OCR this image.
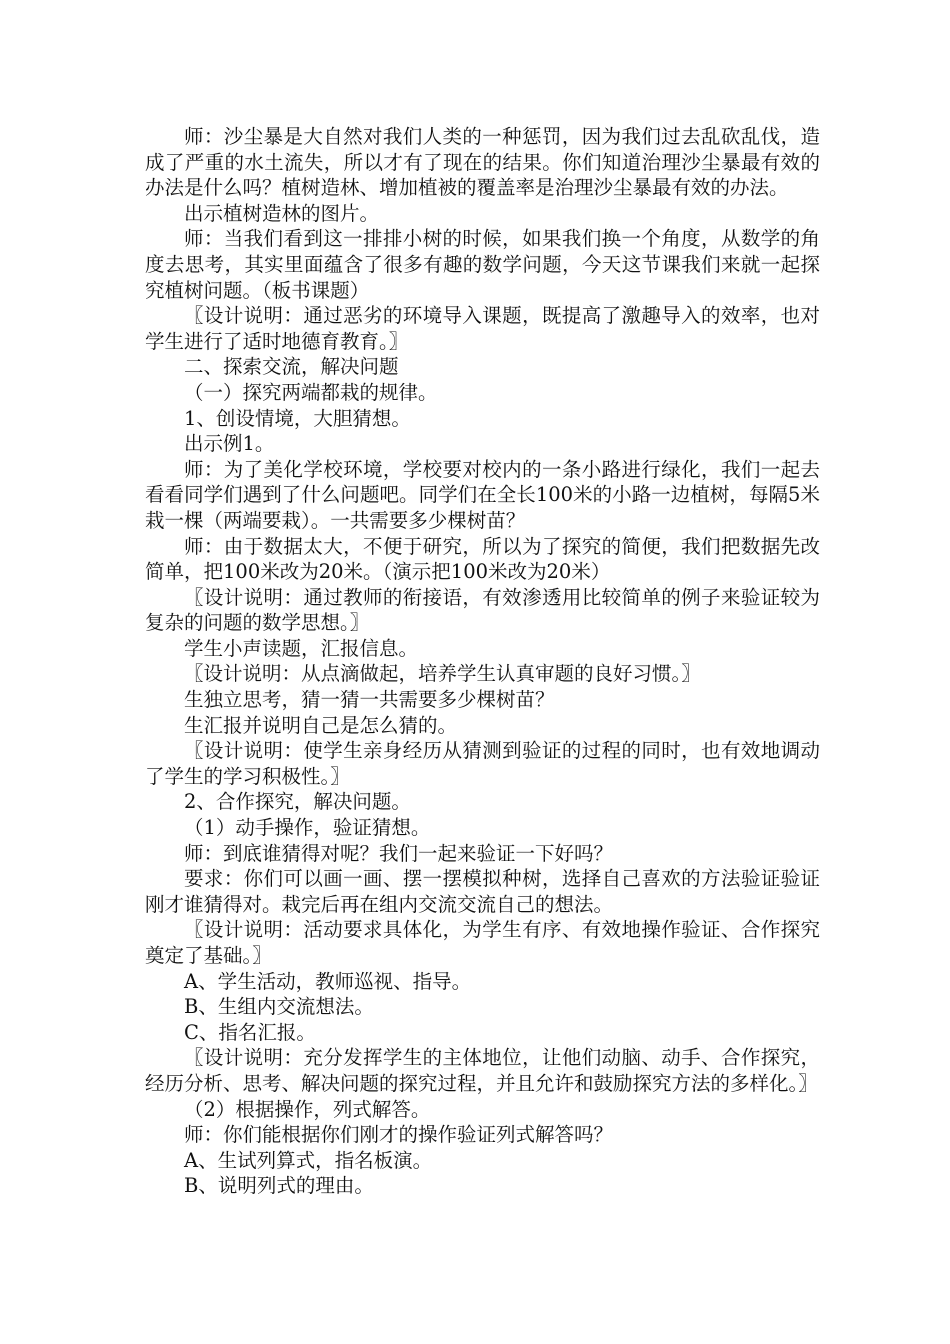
师：沙尘暴是大自然对我们人类的一种惩罚，因为我们过去乱砍乱伐，造成了严重的水土流失，所以才有了现在的结果。你们知道治理沙尘暴最有效的办法是什么吗？植树造林、增加植被的覆盖率是治理沙尘暴最有效的办法。

出示植树造林的图片。

师：当我们看到这一排排小树的时候，如果我们换一个角度，从数学的角度去思考，其实里面蕴含了很多有趣的数学问题，今天这节课我们来就一起探究植树问题。（板书课题）

〖设计说明：通过恶劣的环境导入课题，既提高了激趣导入的效率，也对学生进行了适时地德育教育。〗

二、探索交流，解决问题

（一）探究两端都栽的规律。

1、创设情境，大胆猜想。

出示例1。

师：为了美化学校环境，学校要对校内的一条小路进行绿化，我们一起去看看同学们遇到了什么问题吧。同学们在全长100米的小路一边植树，每隔5米栽一棵（两端要栽）。一共需要多少棵树苗？

师：由于数据太大，不便于研究，所以为了探究的简便，我们把数据先改简单，把100米改为20米。（演示把100米改为20米）

〖设计说明：通过教师的衔接语，有效渗透用比较简单的例子来验证较为复杂的问题的数学思想。〗

学生小声读题，汇报信息。

〖设计说明：从点滴做起，培养学生认真审题的良好习惯。〗

生独立思考，猜一猜一共需要多少棵树苗？

生汇报并说明自己是怎么猜的。

〖设计说明：使学生亲身经历从猜测到验证的过程的同时，也有效地调动了学生的学习积极性。〗

2、合作探究，解决问题。

（1）动手操作，验证猜想。

师：到底谁猜得对呢？我们一起来验证一下好吗？

要求：你们可以画一画、摆一摆模拟种树，选择自己喜欢的方法验证验证刚才谁猜得对。栽完后再在组内交流交流自己的想法。

〖设计说明：活动要求具体化，为学生有序、有效地操作验证、合作探究奠定了基础。〗

A、学生活动，教师巡视、指导。

B、生组内交流想法。

C、指名汇报。

〖设计说明：充分发挥学生的主体地位，让他们动脑、动手、合作探究，经历分析、思考、解决问题的探究过程，并且允许和鼓励探究方法的多样化。〗

（2）根据操作，列式解答。

师：你们能根据你们刚才的操作验证列式解答吗？

A、生试列算式，指名板演。

B、说明列式的理由。
